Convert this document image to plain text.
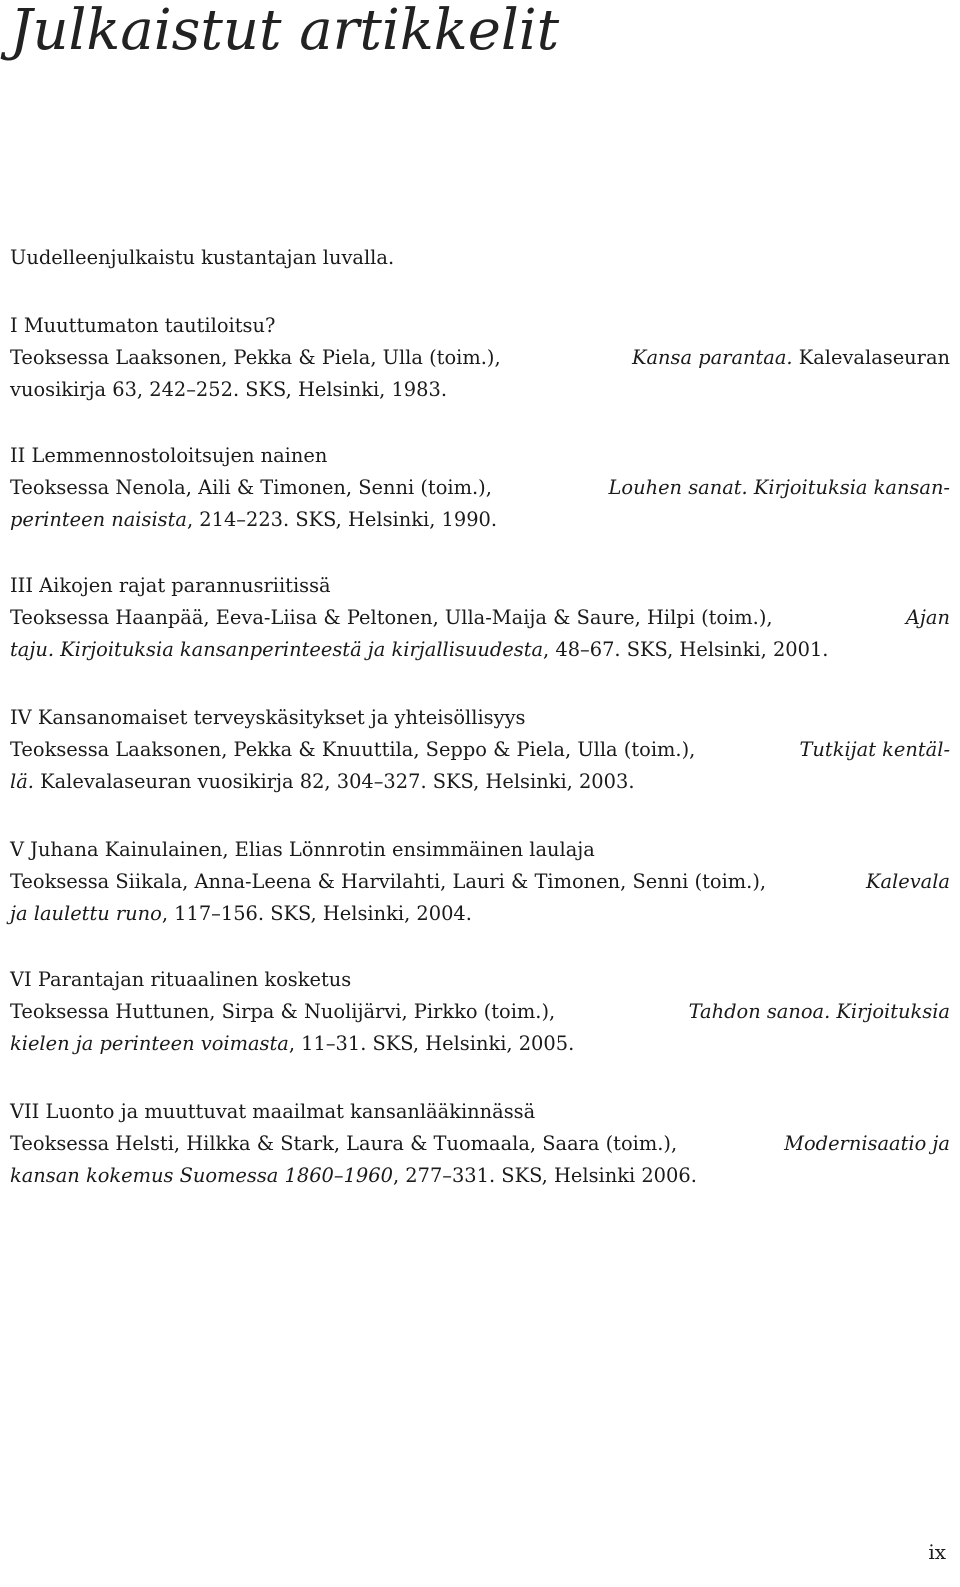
Julkaistut artikkelit
Uudelleenjulkaistu kustantajan luvalla.
I Muuttumaton tautiloitsu?
Teoksessa Laaksonen, Pekka & Piela, Ulla (toim.),	Kansa parantaa. Kalevalaseuran
vuosikirja 63, 242–252. SKS, Helsinki, 1983.
II Lemmennostoloitsujen nainen
Teoksessa Nenola, Aili & Timonen, Senni (toim.),	Louhen sanat. Kirjoituksia kansan-
perinteen naisista, 214–223. SKS, Helsinki, 1990.
III Aikojen rajat parannusriitissä
Teoksessa Haanpää, Eeva-Liisa & Peltonen, Ulla-Maija & Saure, Hilpi (toim.),	Ajan
taju. Kirjoituksia kansanperinteestä ja kirjallisuudesta, 48–67. SKS, Helsinki, 2001.
IV Kansanomaiset terveyskäsitykset ja yhteisöllisyys
Teoksessa Laaksonen, Pekka & Knuuttila, Seppo & Piela, Ulla (toim.),	Tutkijat kentäl-
lä. Kalevalaseuran vuosikirja 82, 304–327. SKS, Helsinki, 2003.
V Juhana Kainulainen, Elias Lönnrotin ensimmäinen laulaja
Teoksessa Siikala, Anna-Leena & Harvilahti, Lauri & Timonen, Senni (toim.),	Kalevala
ja laulettu runo, 117–156. SKS, Helsinki, 2004.
VI Parantajan rituaalinen kosketus
Teoksessa Huttunen, Sirpa & Nuolijärvi, Pirkko (toim.),	Tahdon sanoa. Kirjoituksia
kielen ja perinteen voimasta, 11–31. SKS, Helsinki, 2005.
VII Luonto ja muuttuvat maailmat kansanlääkinnässä
Teoksessa Helsti, Hilkka & Stark, Laura & Tuomaala, Saara (toim.),	Modernisaatio ja
kansan kokemus Suomessa 1860–1960, 277–331. SKS, Helsinki 2006.
ix
